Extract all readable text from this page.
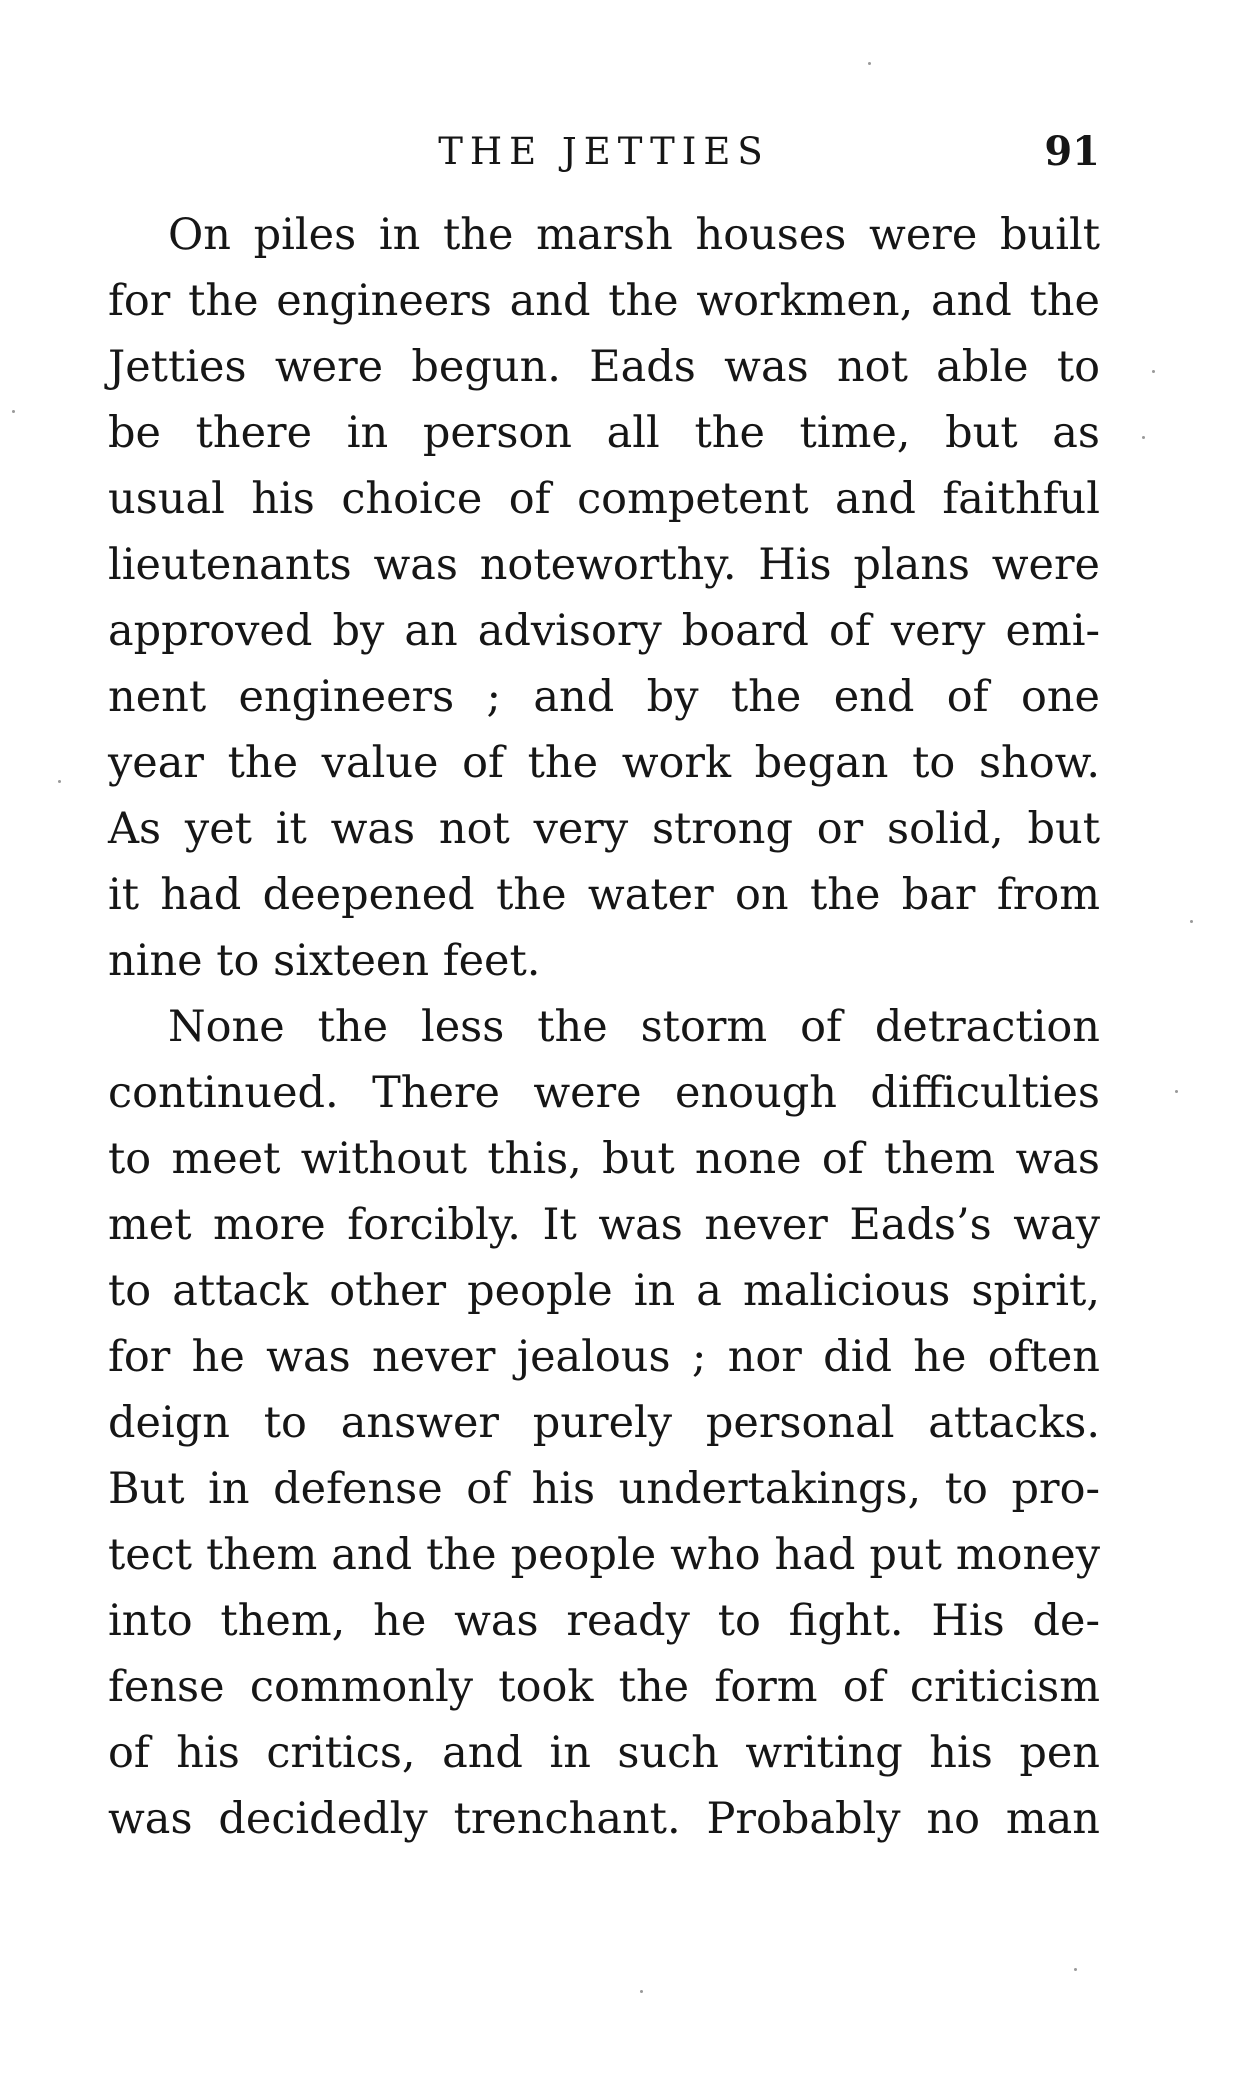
THE JETTIES	91
On piles in the marsh houses were built
for the engineers and the workmen, and the
Jetties were begun. Eads was not able to
be there in person all the time, but as
usual his choice of competent and faithful
lieutenants was noteworthy. His plans were
approved by an advisory board of very emi-
nent engineers ; and by the end of one
year the value of the work began to show.
As yet it was not very strong or solid, but
it had deepened the water on the bar from
nine to sixteen feet.
None the less the storm of detraction
continued. There were enough difficulties
to meet without this, but none of them was
met more forcibly. It was never Eads’s way
to attack other people in a malicious spirit,
for he was never jealous ; nor did he often
deign to answer purely personal attacks.
But in defense of his undertakings, to pro-
tect them and the people who had put money
into them, he was ready to fight. His de-
fense commonly took the form of criticism
of his critics, and in such writing his pen
was decidedly trenchant. Probably no man
